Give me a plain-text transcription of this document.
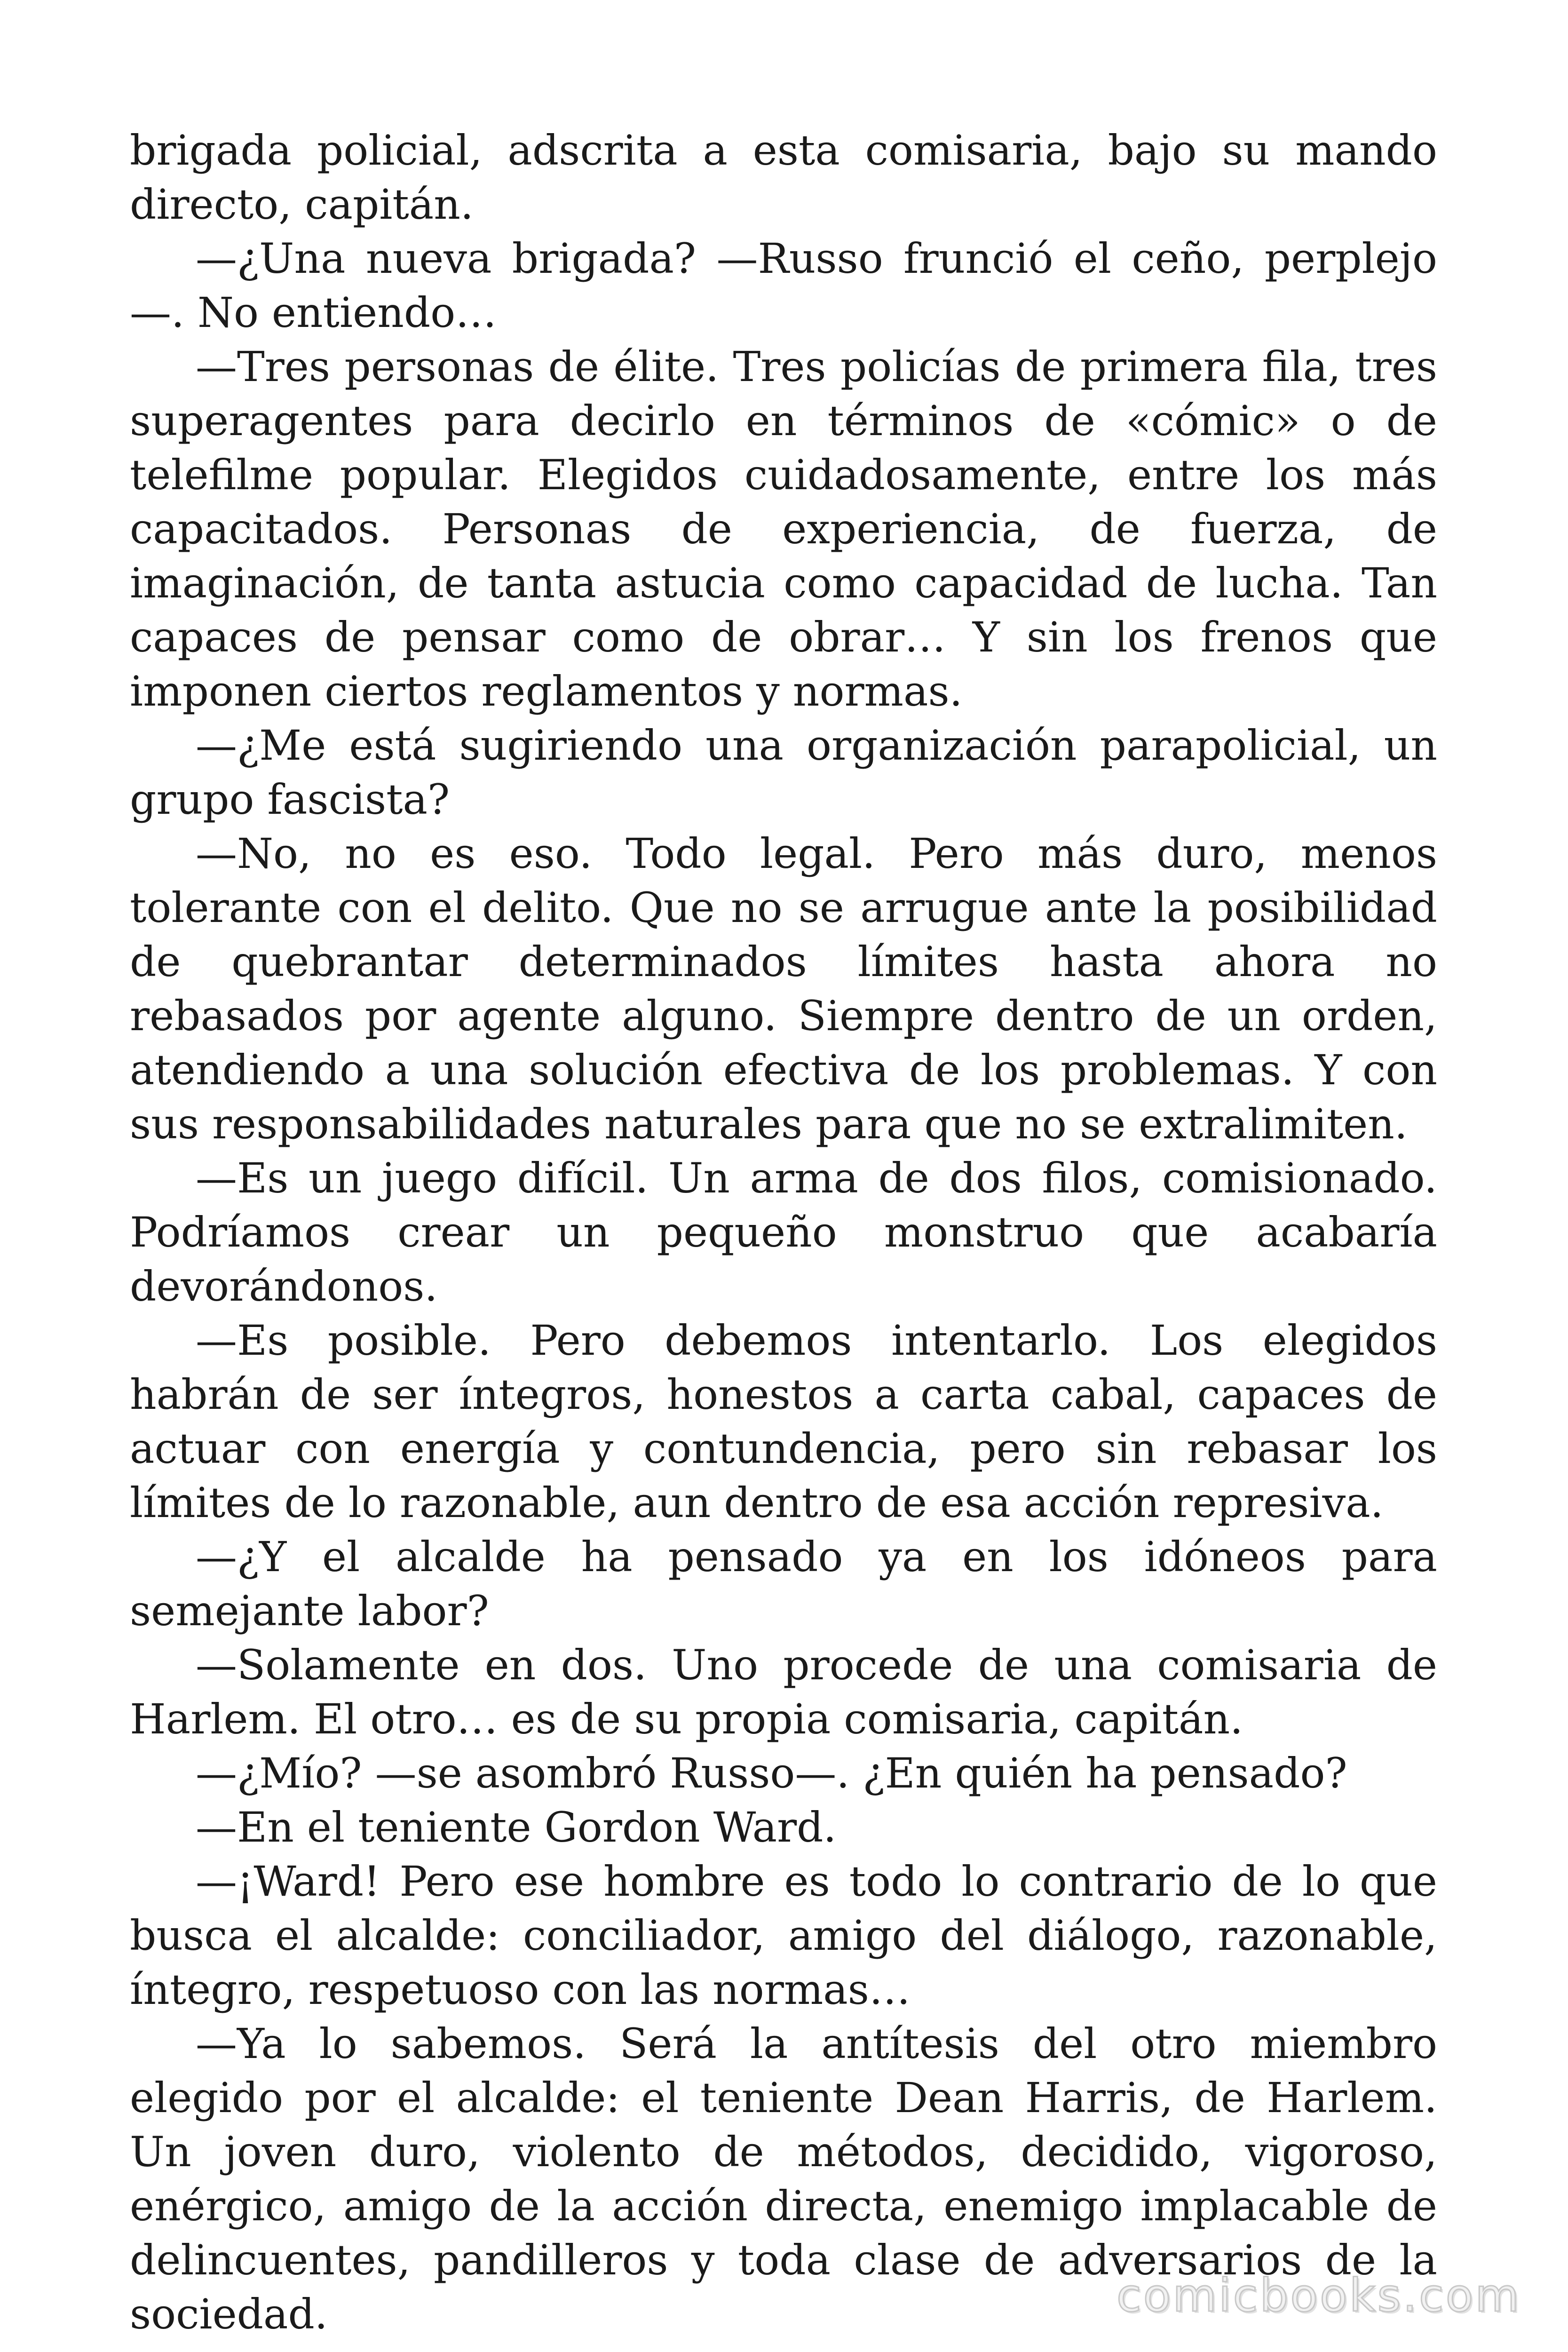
brigada policial, adscrita a esta comisaria, bajo su mando directo, capitán.

—¿Una nueva brigada? —Russo frunció el ceño, perplejo—. No entiendo…

—Tres personas de élite. Tres policías de primera fila, tres superagentes para decirlo en términos de «cómic» o de telefilme popular. Elegidos cuidadosamente, entre los más capacitados. Personas de experiencia, de fuerza, de imaginación, de tanta astucia como capacidad de lucha. Tan capaces de pensar como de obrar… Y sin los frenos que imponen ciertos reglamentos y normas.

—¿Me está sugiriendo una organización parapolicial, un grupo fascista?

—No, no es eso. Todo legal. Pero más duro, menos tolerante con el delito. Que no se arrugue ante la posibilidad de quebrantar determinados límites hasta ahora no rebasados por agente alguno. Siempre dentro de un orden, atendiendo a una solución efectiva de los problemas. Y con sus responsabilidades naturales para que no se extralimiten.

—Es un juego difícil. Un arma de dos filos, comisionado. Podríamos crear un pequeño monstruo que acabaría devorándonos.

—Es posible. Pero debemos intentarlo. Los elegidos habrán de ser íntegros, honestos a carta cabal, capaces de actuar con energía y contundencia, pero sin rebasar los límites de lo razonable, aun dentro de esa acción represiva.

—¿Y el alcalde ha pensado ya en los idóneos para semejante labor?

—Solamente en dos. Uno procede de una comisaria de Harlem. El otro… es de su propia comisaria, capitán.

—¿Mío? —se asombró Russo—. ¿En quién ha pensado?

—En el teniente Gordon Ward.

—¡Ward! Pero ese hombre es todo lo contrario de lo que busca el alcalde: conciliador, amigo del diálogo, razonable, íntegro, respetuoso con las normas…

—Ya lo sabemos. Será la antítesis del otro miembro elegido por el alcalde: el teniente Dean Harris, de Harlem. Un joven duro, violento de métodos, decidido, vigoroso, enérgico, amigo de la acción directa, enemigo implacable de delincuentes, pandilleros y toda clase de adversarios de la sociedad.	comicbooks.com
